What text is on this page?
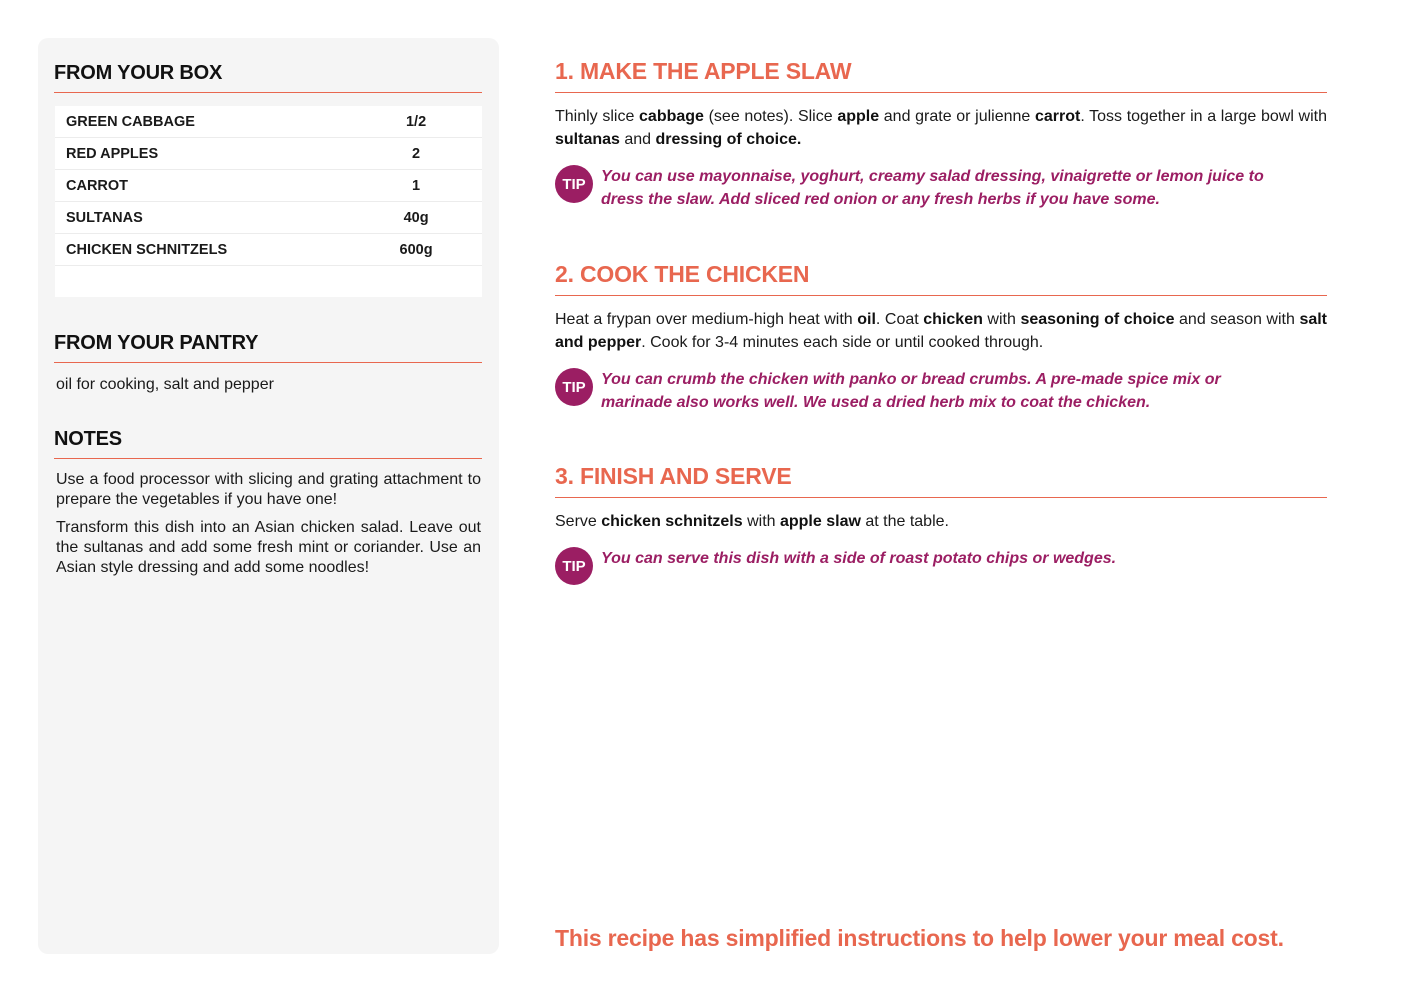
FROM YOUR BOX
GREEN CABBAGE	1/2
RED APPLES	2
CARROT	1
SULTANAS	40g
CHICKEN SCHNITZELS	600g

FROM YOUR PANTRY

oil for cooking, salt and pepper

NOTES

Use a food processor with slicing and grating attachment to prepare the vegetables if you have one!

Transform this dish into an Asian chicken salad. Leave out the sultanas and add some fresh mint or coriander. Use an Asian style dressing and add some noodles!

1. MAKE THE APPLE SLAW

Thinly slice cabbage (see notes). Slice apple and grate or julienne carrot. Toss together in a large bowl with sultanas and dressing of choice.

TIP You can use mayonnaise, yoghurt, creamy salad dressing, vinaigrette or lemon juice to dress the slaw. Add sliced red onion or any fresh herbs if you have some.

2. COOK THE CHICKEN

Heat a frypan over medium-high heat with oil. Coat chicken with seasoning of choice and season with salt and pepper. Cook for 3-4 minutes each side or until cooked through.

TIP You can crumb the chicken with panko or bread crumbs. A pre-made spice mix or marinade also works well. We used a dried herb mix to coat the chicken.

3. FINISH AND SERVE

Serve chicken schnitzels with apple slaw at the table.

TIP You can serve this dish with a side of roast potato chips or wedges.

This recipe has simplified instructions to help lower your meal cost.
